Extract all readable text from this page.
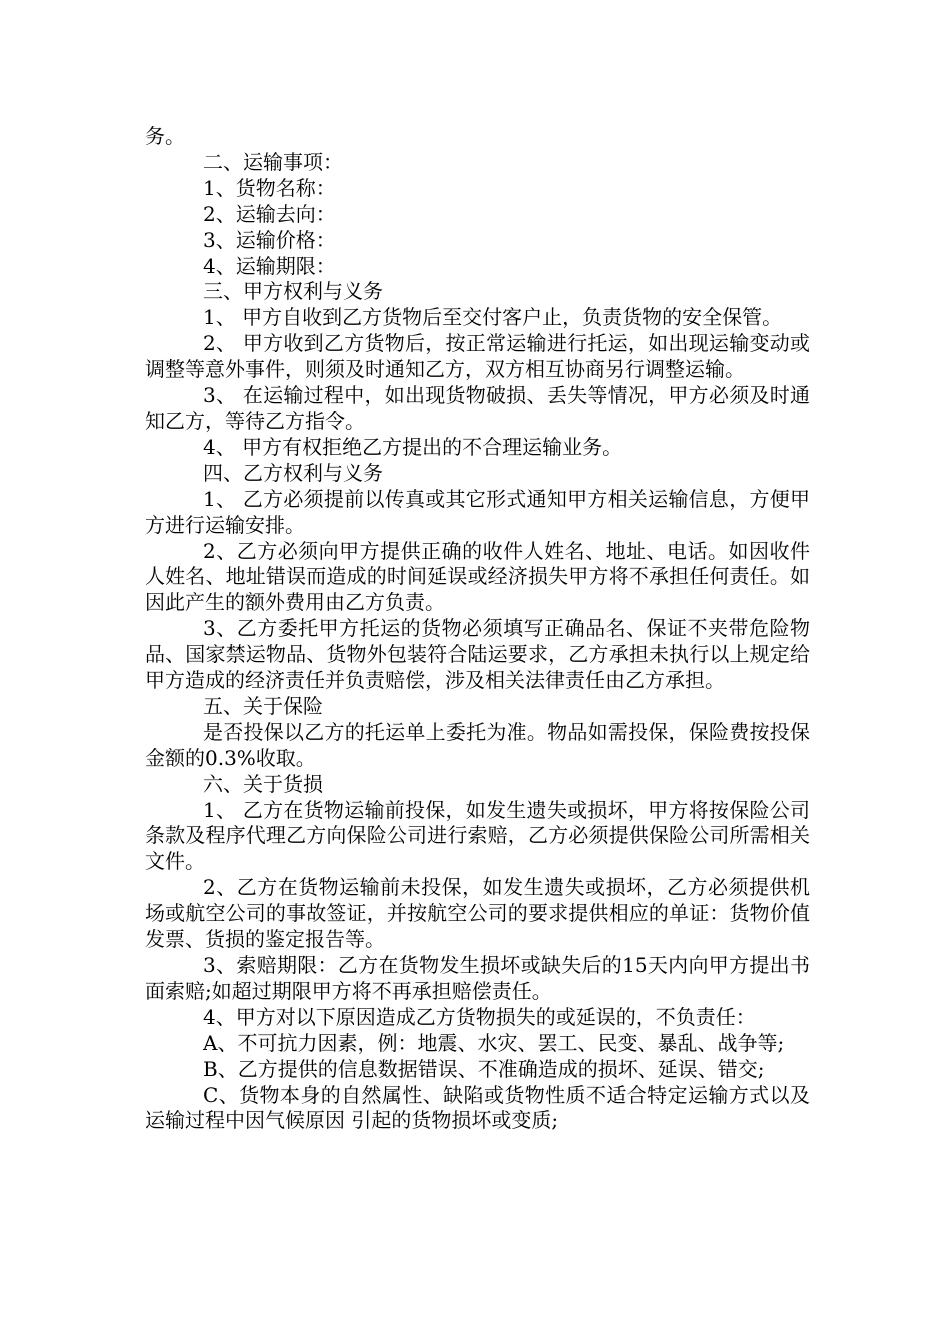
务。

二、运输事项：

1、货物名称：

2、运输去向：

3、运输价格：

4、运输期限：

三、甲方权利与义务

1、 甲方自收到乙方货物后至交付客户止，负责货物的安全保管。

2、 甲方收到乙方货物后，按正常运输进行托运，如出现运输变动或调整等意外事件，则须及时通知乙方，双方相互协商另行调整运输。

3、 在运输过程中，如出现货物破损、丢失等情况，甲方必须及时通知乙方，等待乙方指令。

4、 甲方有权拒绝乙方提出的不合理运输业务。

四、乙方权利与义务

1、 乙方必须提前以传真或其它形式通知甲方相关运输信息，方便甲方进行运输安排。

2、乙方必须向甲方提供正确的收件人姓名、地址、电话。如因收件人姓名、地址错误而造成的时间延误或经济损失甲方将不承担任何责任。如因此产生的额外费用由乙方负责。

3、乙方委托甲方托运的货物必须填写正确品名、保证不夹带危险物品、国家禁运物品、货物外包装符合陆运要求，乙方承担未执行以上规定给甲方造成的经济责任并负责赔偿，涉及相关法律责任由乙方承担。

五、关于保险

是否投保以乙方的托运单上委托为准。物品如需投保，保险费按投保金额的0.3%收取。

六、关于货损

1、 乙方在货物运输前投保，如发生遗失或损坏，甲方将按保险公司条款及程序代理乙方向保险公司进行索赔，乙方必须提供保险公司所需相关文件。

2、乙方在货物运输前未投保，如发生遗失或损坏，乙方必须提供机场或航空公司的事故签证，并按航空公司的要求提供相应的单证：货物价值发票、货损的鉴定报告等。

3、索赔期限：乙方在货物发生损坏或缺失后的15天内向甲方提出书面索赔;如超过期限甲方将不再承担赔偿责任。

4、甲方对以下原因造成乙方货物损失的或延误的，不负责任：

A、不可抗力因素，例：地震、水灾、罢工、民变、暴乱、战争等;

B、乙方提供的信息数据错误、不准确造成的损坏、延误、错交;

C、货物本身的自然属性、缺陷或货物性质不适合特定运输方式以及运输过程中因气候原因 引起的货物损坏或变质;
